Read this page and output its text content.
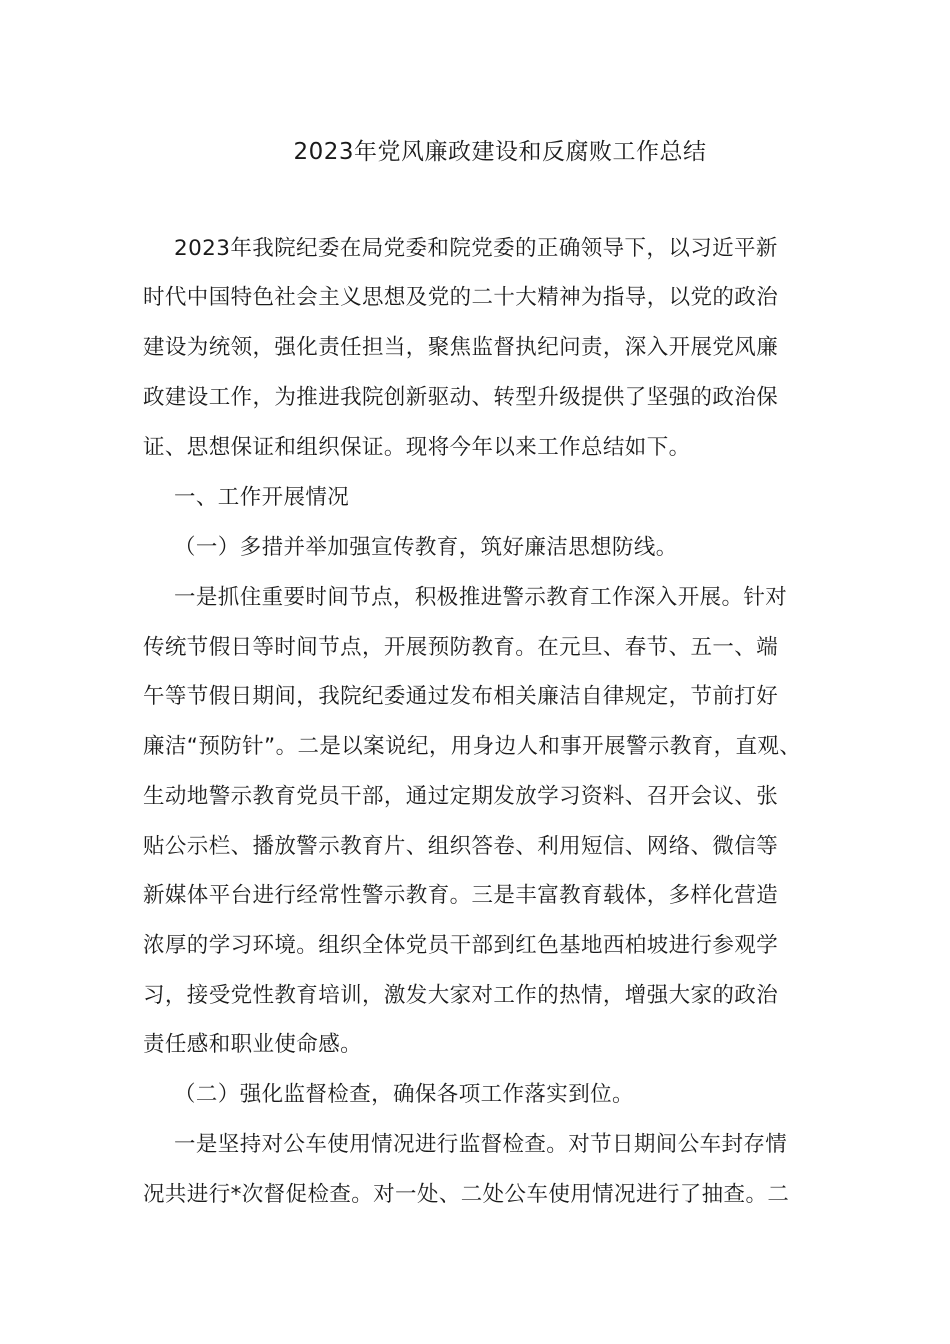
2023年党风廉政建设和反腐败工作总结
2023年我院纪委在局党委和院党委的正确领导下，以习近平新
时代中国特色社会主义思想及党的二十大精神为指导，以党的政治
建设为统领，强化责任担当，聚焦监督执纪问责，深入开展党风廉
政建设工作，为推进我院创新驱动、转型升级提供了坚强的政治保
证、思想保证和组织保证。现将今年以来工作总结如下。
一、工作开展情况
（一）多措并举加强宣传教育，筑好廉洁思想防线。
一是抓住重要时间节点，积极推进警示教育工作深入开展。针对
传统节假日等时间节点，开展预防教育。在元旦、春节、五一、端
午等节假日期间，我院纪委通过发布相关廉洁自律规定，节前打好
廉洁“预防针”。二是以案说纪，用身边人和事开展警示教育，直观、
生动地警示教育党员干部，通过定期发放学习资料、召开会议、张
贴公示栏、播放警示教育片、组织答卷、利用短信、网络、微信等
新媒体平台进行经常性警示教育。三是丰富教育载体，多样化营造
浓厚的学习环境。组织全体党员干部到红色基地西柏坡进行参观学
习，接受党性教育培训，激发大家对工作的热情，增强大家的政治
责任感和职业使命感。
（二）强化监督检查，确保各项工作落实到位。
一是坚持对公车使用情况进行监督检查。对节日期间公车封存情
况共进行*次督促检查。对一处、二处公车使用情况进行了抽查。二
